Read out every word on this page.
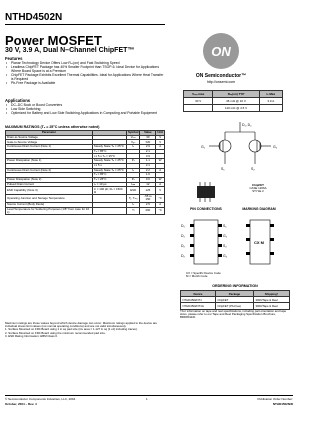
NTHD4502N
Power MOSFET
30 V, 3.9 A, Dual N–Channel ChipFET™
Features
• Planar Technology Device Offers Low Rₓₛ(on) and Fast Switching Speed
• Leadless ChipFET Package has 40% Smaller Footprint than TSOP-6. Ideal Device for Applications Where Board Space is at a Premium
• ChipFET Package Exhibits Excellent Thermal Capabilities. Ideal for Applications Where Heat Transfer is Required
• Pb-Free Package is Available
Applications
• DC–DC Buck or Boost Converters
• Low Side Switching
• Optimized for Battery and Low Side Switching Applications in Computing and Portable Equipment
MAXIMUM RATINGS (Tₐ = 25°C unless otherwise noted)
Parameter		Symbol	Value	Unit
Drain-to-Source Voltage		Vₓₛₛ	30	V
Gate-to-Source Voltage		V₉ₛ	±20	V
Continuous Drain Current (Note 1)	Steady State Tₐ = 25°C	Iₓ	2.9	A
	Tₐ = 85°C		2.1	
	t ≤ 5 s Tₐ = 25°C		3.9	
Power Dissipation (Note 1)	Steady State Tₐ = 25°C	Pₓ	1.1	W
	t ≤ 5 s		2.1	
Continuous Drain Current (Note 2)	Steady State Tₐ = 25°C	Iₓ	2.2	A
	Tₐ = 85°C		1.6	
Power Dissipation (Note 2)	Tₐ = 25°C	Pₓ	0.6	W
Pulsed Drain Current	tₚ = 10 µs	Iₓₘ	12	A
ESD Capability (Note 3)	C = 100 pF, Rₛ = 1500 Ω	ESD	125	V
Operating Junction and Storage Temperature		Tⱼ, Tₛₜ₉	-55 to 150	°C
Source Current (Body Diode)		Iₛ	2.5	A
Lead Temperature for Soldering Purposes (1/8″ from case for 10 s)		Tₗ	260	°C
Maximum ratings are those values beyond which device damage can occur. Maximum ratings applied to the device are individual stress limit values (not normal operating conditions) and are not valid simultaneously.
1. Surface Mounted on FR4 Board using 1 in sq pad size (Cu area = 1.127 in sq [1 oz] including traces).
2. Surface Mounted on FR4 Board using the minimum recommended pad size.
3. ESD Rating Information: HBM Class II.
ON
ON Semiconductor™
http://onsemi.com
Vₓₛₛ max	Rₓₛ(on) TYP	Iₓ Max
30 V	46 mΩ @ 10 V	3.9 A
	110 mΩ @ 4.5 V	
D₁, D₂
G₁	G₂
S₁	S₂
ChipFET
CASE 1206A
STYLE 2
PIN CONNECTIONS	MARKING DIAGRAM
D₁
D₁
D₂
D₂
S₁
G₁
S₂
G₂
CX M
CX = Specific Device Code
M = Month Code
ORDERING INFORMATION
Device	Package	Shipping†
NTHD4502NT1	ChipFET	3000/Tape & Reel
NTHD4502NT1G	ChipFET (Pb-Free)	3000/Tape & Reel
†For information on tape and reel specifications, including part orientation and tape sizes, please refer to our Tape and Reel Packaging Specification Brochure, BRD8011/D.
© Semiconductor Components Industries, LLC, 2004	1
October, 2004 – Rev. 4
Publication Order Number:
NTHD4502N/D
